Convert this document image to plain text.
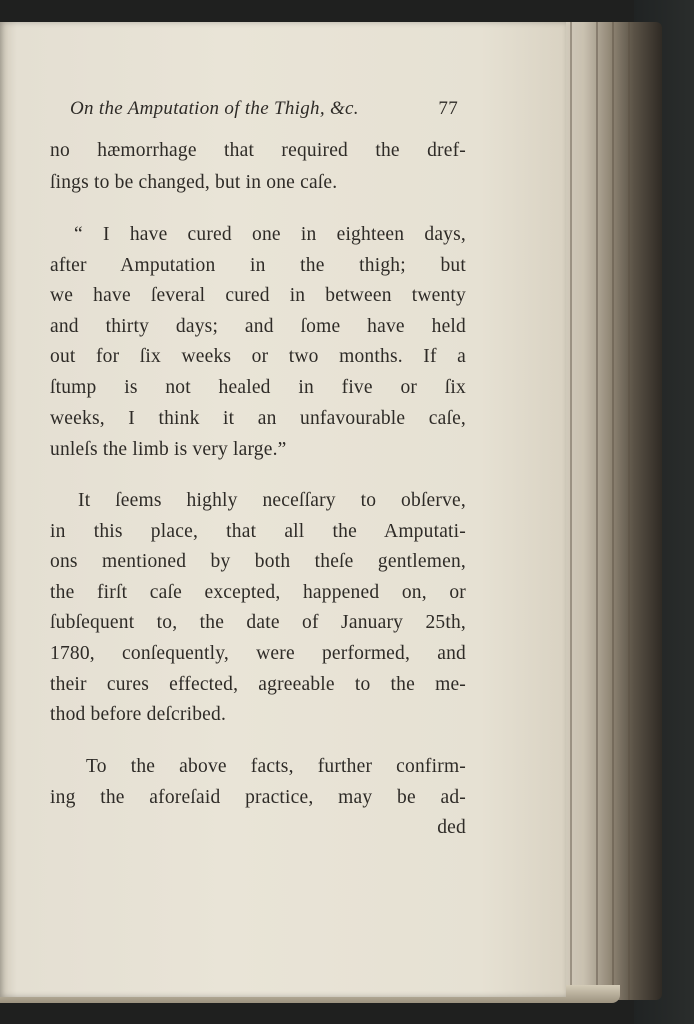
On the Amputation of the Thigh, &c.	77
no hæmorrhage that required the dref-
ſings to be changed, but in one caſe.
“ I have cured one in eighteen days,
after Amputation in the thigh; but
we have ſeveral cured in between twenty
and thirty days; and ſome have held
out for ſix weeks or two months. If a
ſtump is not healed in five or ſix
weeks, I think it an unfavourable caſe,
unleſs the limb is very large.”
It ſeems highly neceſſary to obſerve,
in this place, that all the Amputati-
ons mentioned by both theſe gentlemen,
the firſt caſe excepted, happened on, or
ſubſequent to, the date of January 25th,
1780, conſequently, were performed, and
their cures effected, agreeable to the me-
thod before deſcribed.
To the above facts, further confirm-
ing the aforeſaid practice, may be ad-
ded
